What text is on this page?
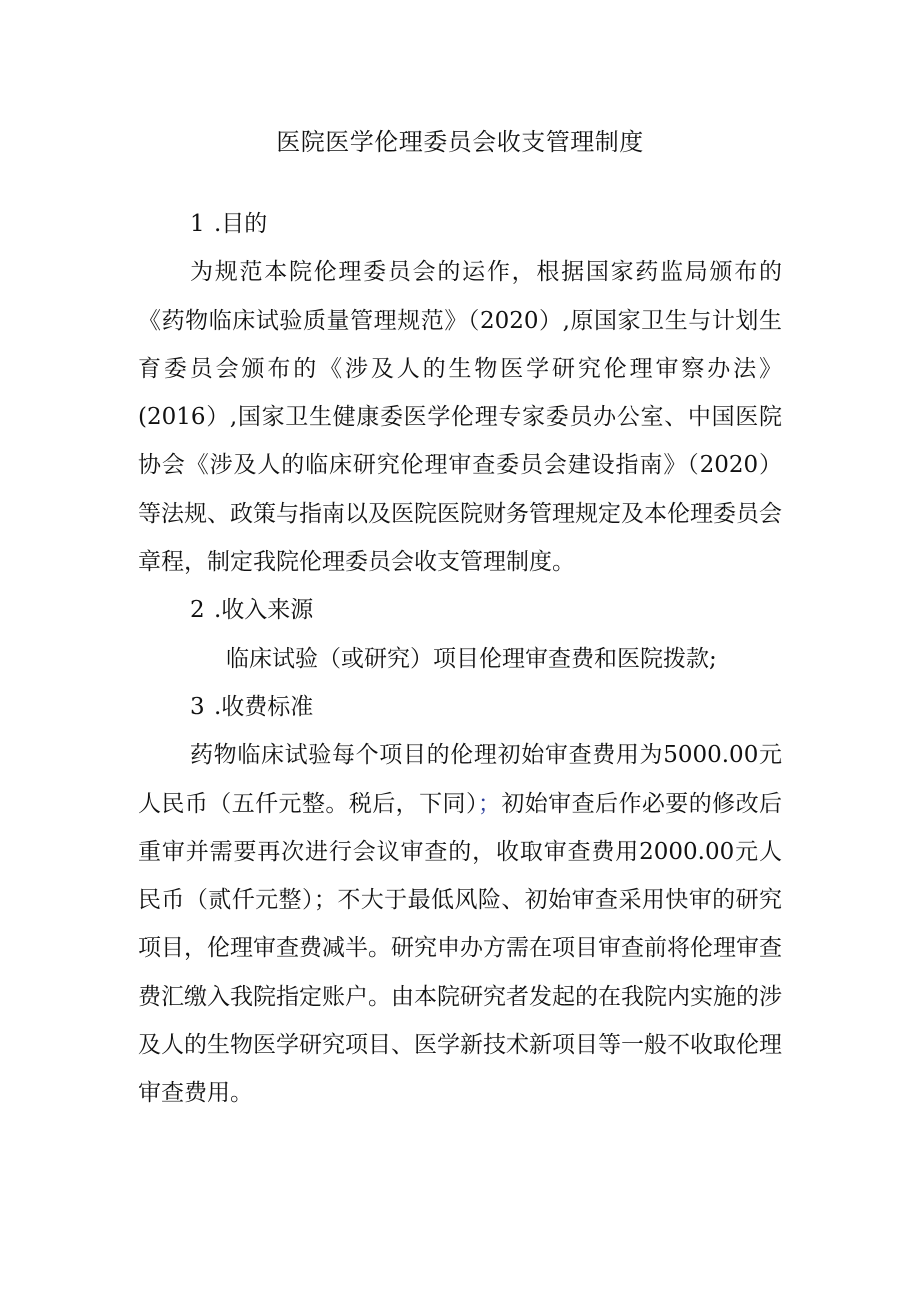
医院医学伦理委员会收支管理制度
1 .目的
为规范本院伦理委员会的运作，根据国家药监局颁布的《药物临床试验质量管理规范》（2020）,原国家卫生与计划生育委员会颁布的《涉及人的生物医学研究伦理审察办法》(2016）,国家卫生健康委医学伦理专家委员办公室、中国医院协会《涉及人的临床研究伦理审查委员会建设指南》（2020）等法规、政策与指南以及医院医院财务管理规定及本伦理委员会章程，制定我院伦理委员会收支管理制度。
2 .收入来源
临床试验（或研究）项目伦理审查费和医院拨款;
3 .收费标准
药物临床试验每个项目的伦理初始审查费用为5000.00元人民币（五仟元整。税后，下同）；初始审查后作必要的修改后重审并需要再次进行会议审查的，收取审查费用2000.00元人民币（贰仟元整）；不大于最低风险、初始审查采用快审的研究项目，伦理审查费减半。研究申办方需在项目审查前将伦理审查费汇缴入我院指定账户。由本院研究者发起的在我院内实施的涉及人的生物医学研究项目、医学新技术新项目等一般不收取伦理审查费用。
